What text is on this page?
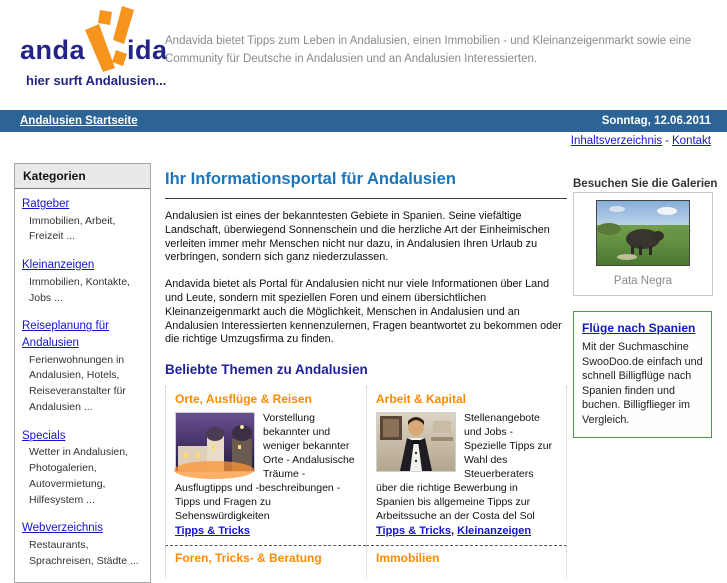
anda ida
hier surft Andalusien...
Andavida bietet Tipps zum Leben in Andalusien, einen Immobilien - und Kleinanzeigenmarkt sowie eine Community für Deutsche in Andalusien und an Andalusien Interessierten.
Andalusien Startseite	Sonntag, 12.06.2011
Inhaltsverzeichnis - Kontakt
Kategorien
Ratgeber
Immobilien, Arbeit, Freizeit ...
Kleinanzeigen
Immobilien, Kontakte, Jobs ...
Reiseplanung für Andalusien
Ferienwohnungen in Andalusien, Hotels, Reiseveranstalter für Andalusien ...
Specials
Wetter in Andalusien, Photogalerien, Autovermietung, Hilfesystem ...
Webverzeichnis
Restaurants, Sprachreisen, Städte ...
Ihr Informationsportal für Andalusien

Andalusien ist eines der bekanntesten Gebiete in Spanien. Seine viefältige Landschaft, überwiegend Sonnenschein und die herzliche Art der Einheimischen verleiten immer mehr Menschen nicht nur dazu, in Andalusien Ihren Urlaub zu verbringen, sondern sich ganz niederzulassen.

Andavida bietet als Portal für Andalusien nicht nur viele Informationen über Land und Leute, sondern mit speziellen Foren und einem übersichtlichen Kleinanzeigenmarkt auch die Möglichkeit, Menschen in Andalusien und an Andalusien Interessierten kennenzulernen, Fragen beantwortet zu bekommen oder die richtige Umzugsfirma zu finden.

Beliebte Themen zu Andalusien
Orte, Ausflüge & Reisen
Vorstellung bekannter und weniger bekannter Orte - Andalusische Träume - Ausflugtipps und -beschreibungen - Tipps und Fragen zu Sehenswürdigkeiten
Tipps & Tricks
Arbeit & Kapital
Stellenangebote und Jobs - Spezielle Tipps zur Wahl des Steuerberaters über die richtige Bewerbung in Spanien bis allgemeine Tipps zur Arbeitssuche an der Costa del Sol
Tipps & Tricks, Kleinanzeigen
Foren, Tricks- & Beratung	Immobilien
Besuchen Sie die Galerien
Pata Negra
Flüge nach Spanien
Mit der Suchmaschine SwooDoo.de einfach und schnell Billigflüge nach Spanien finden und buchen. Billigflieger im Vergleich.
